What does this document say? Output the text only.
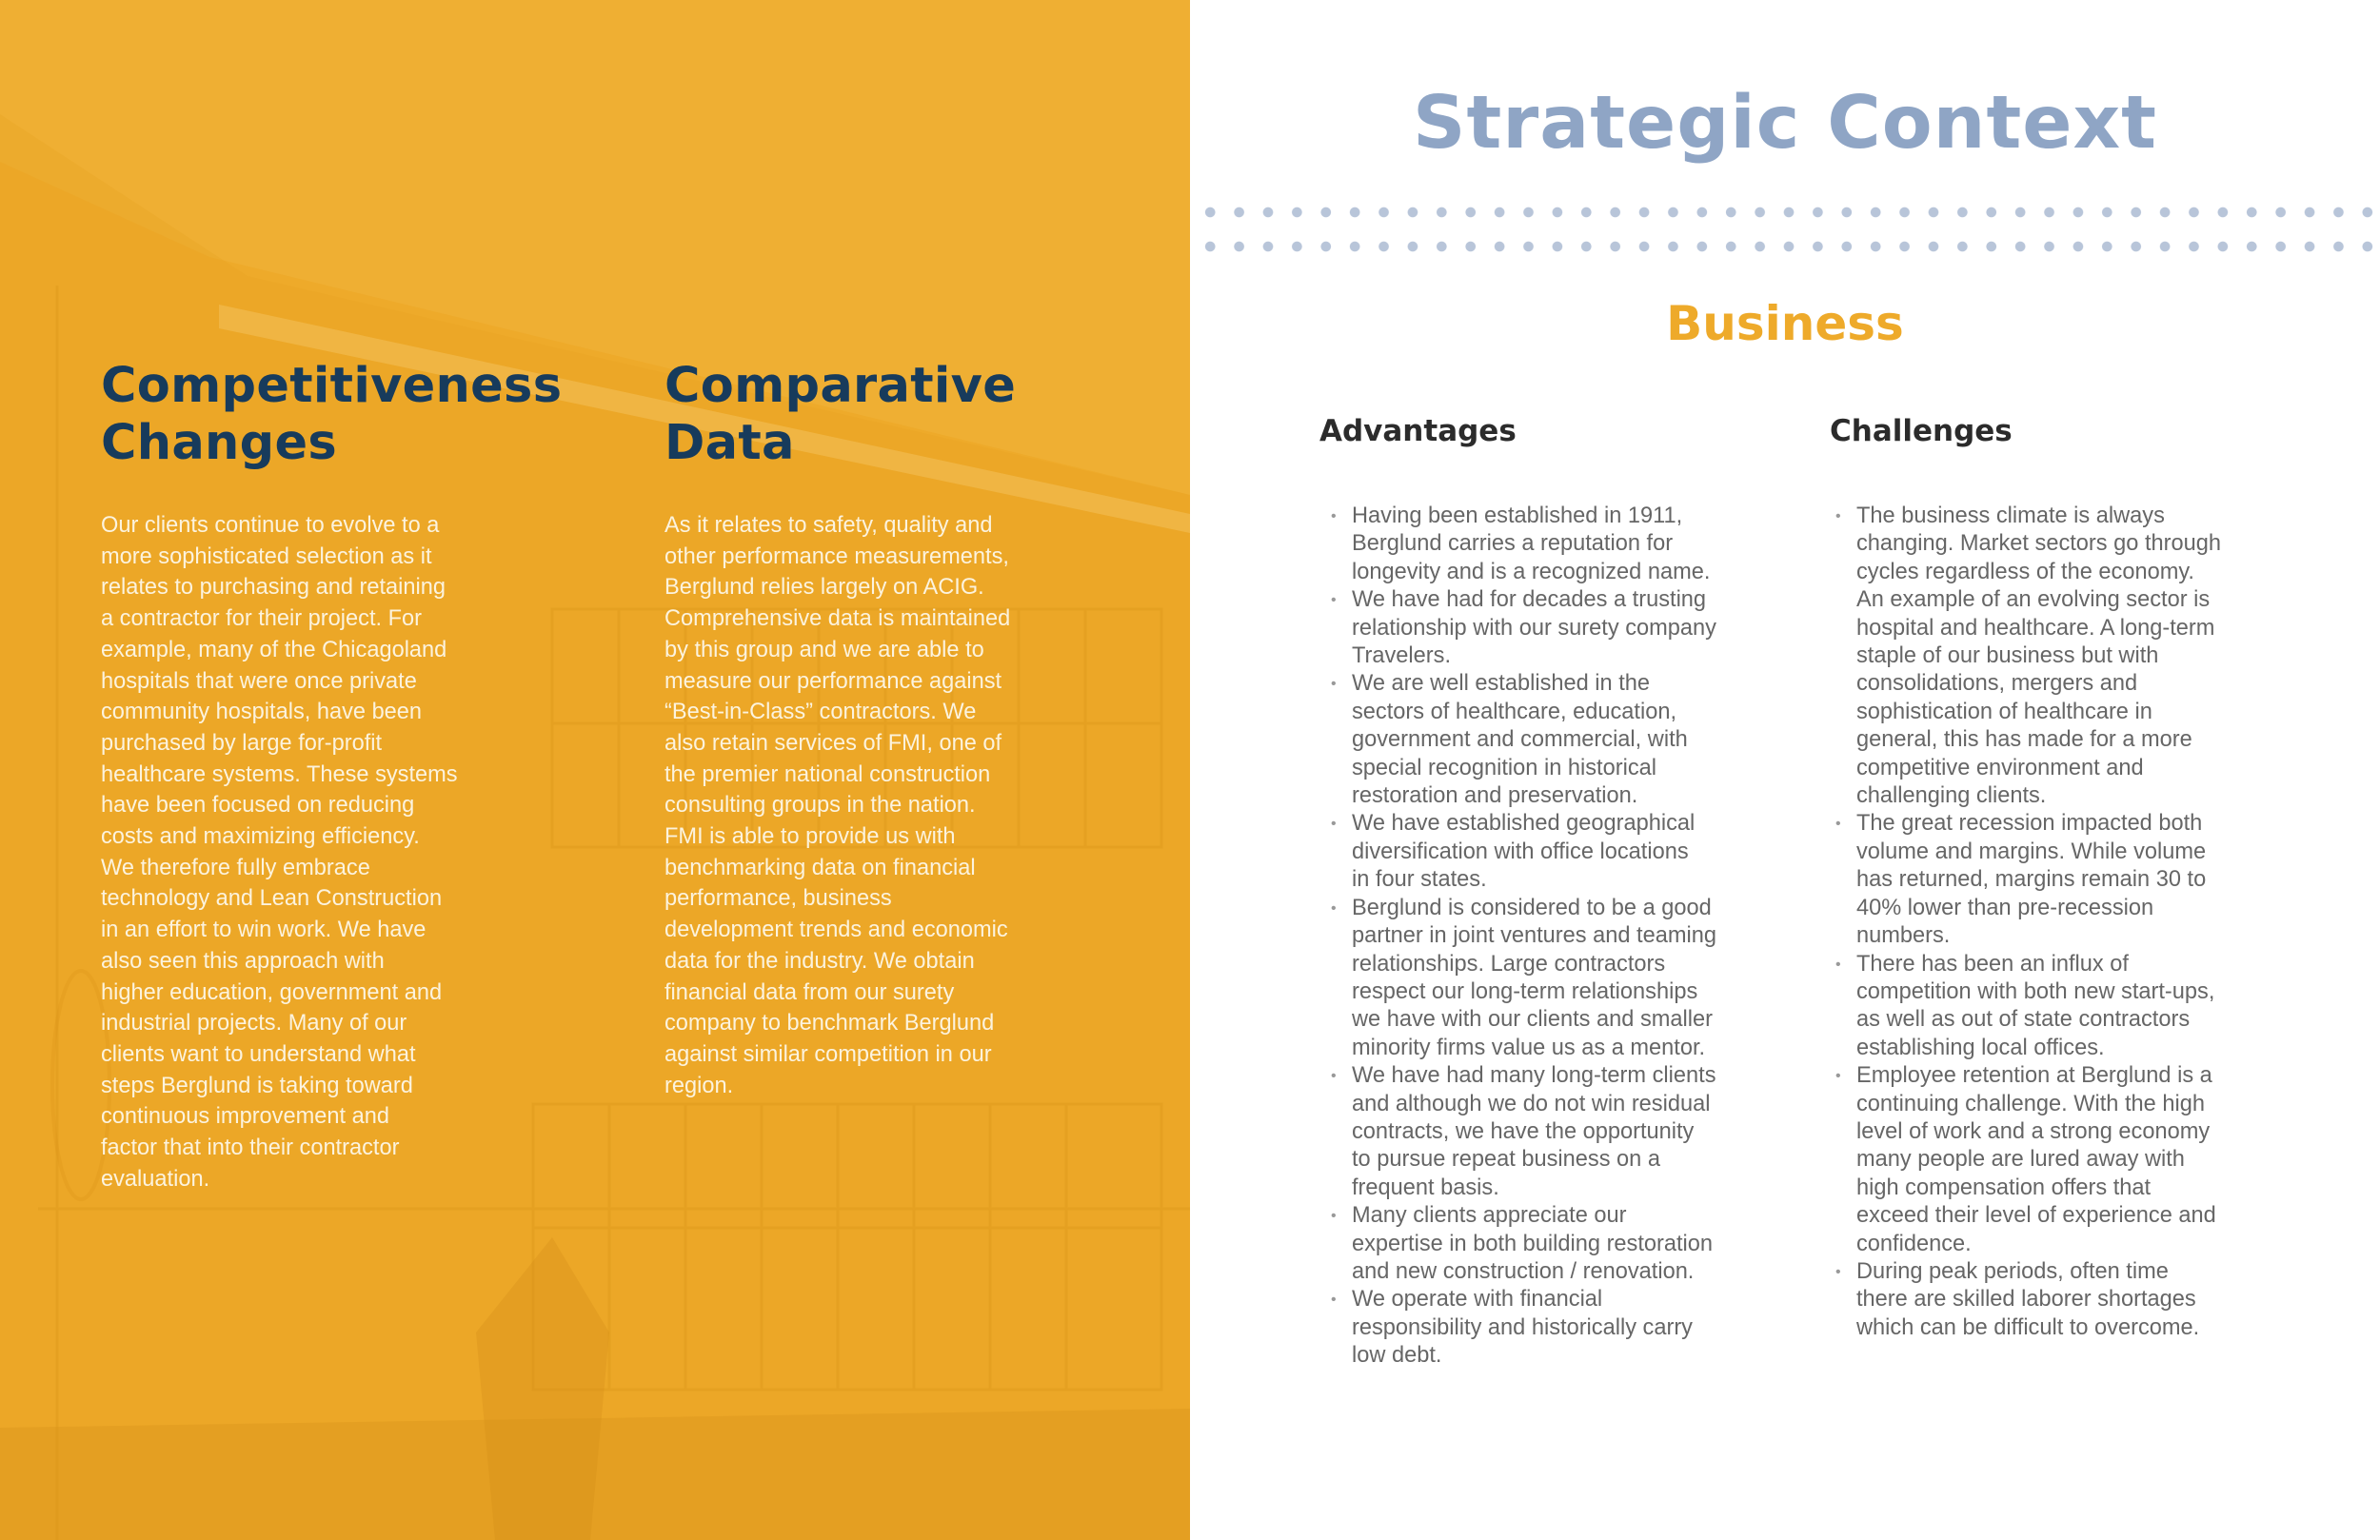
Competitiveness
Changes
Our clients continue to evolve to a
more sophisticated selection as it
relates to purchasing and retaining
a contractor for their project. For
example, many of the Chicagoland
hospitals that were once private
community hospitals, have been
purchased by large for-profit
healthcare systems. These systems
have been focused on reducing
costs and maximizing efficiency.
We therefore fully embrace
technology and Lean Construction
in an effort to win work. We have
also seen this approach with
higher education, government and
industrial projects. Many of our
clients want to understand what
steps Berglund is taking toward
continuous improvement and
factor that into their contractor
evaluation.
Comparative
Data
As it relates to safety, quality and
other performance measurements,
Berglund relies largely on ACIG.
Comprehensive data is maintained
by this group and we are able to
measure our performance against
“Best-in-Class” contractors. We
also retain services of FMI, one of
the premier national construction
consulting groups in the nation.
FMI is able to provide us with
benchmarking data on financial
performance, business
development trends and economic
data for the industry. We obtain
financial data from our surety
company to benchmark Berglund
against similar competition in our
region.
Strategic Context
Business
Advantages	Challenges
• Having been established in 1911,
Berglund carries a reputation for
longevity and is a recognized name.
• We have had for decades a trusting
relationship with our surety company
Travelers.
• We are well established in the
sectors of healthcare, education,
government and commercial, with
special recognition in historical
restoration and preservation.
• We have established geographical
diversification with office locations
in four states.
• Berglund is considered to be a good
partner in joint ventures and teaming
relationships. Large contractors
respect our long-term relationships
we have with our clients and smaller
minority firms value us as a mentor.
• We have had many long-term clients
and although we do not win residual
contracts, we have the opportunity
to pursue repeat business on a
frequent basis.
• Many clients appreciate our
expertise in both building restoration
and new construction / renovation.
• We operate with financial
responsibility and historically carry
low debt.
• The business climate is always
changing. Market sectors go through
cycles regardless of the economy.
An example of an evolving sector is
hospital and healthcare. A long-term
staple of our business but with
consolidations, mergers and
sophistication of healthcare in
general, this has made for a more
competitive environment and
challenging clients.
• The great recession impacted both
volume and margins. While volume
has returned, margins remain 30 to
40% lower than pre-recession
numbers.
• There has been an influx of
competition with both new start-ups,
as well as out of state contractors
establishing local offices.
• Employee retention at Berglund is a
continuing challenge. With the high
level of work and a strong economy
many people are lured away with
high compensation offers that
exceed their level of experience and
confidence.
• During peak periods, often time
there are skilled laborer shortages
which can be difficult to overcome.
